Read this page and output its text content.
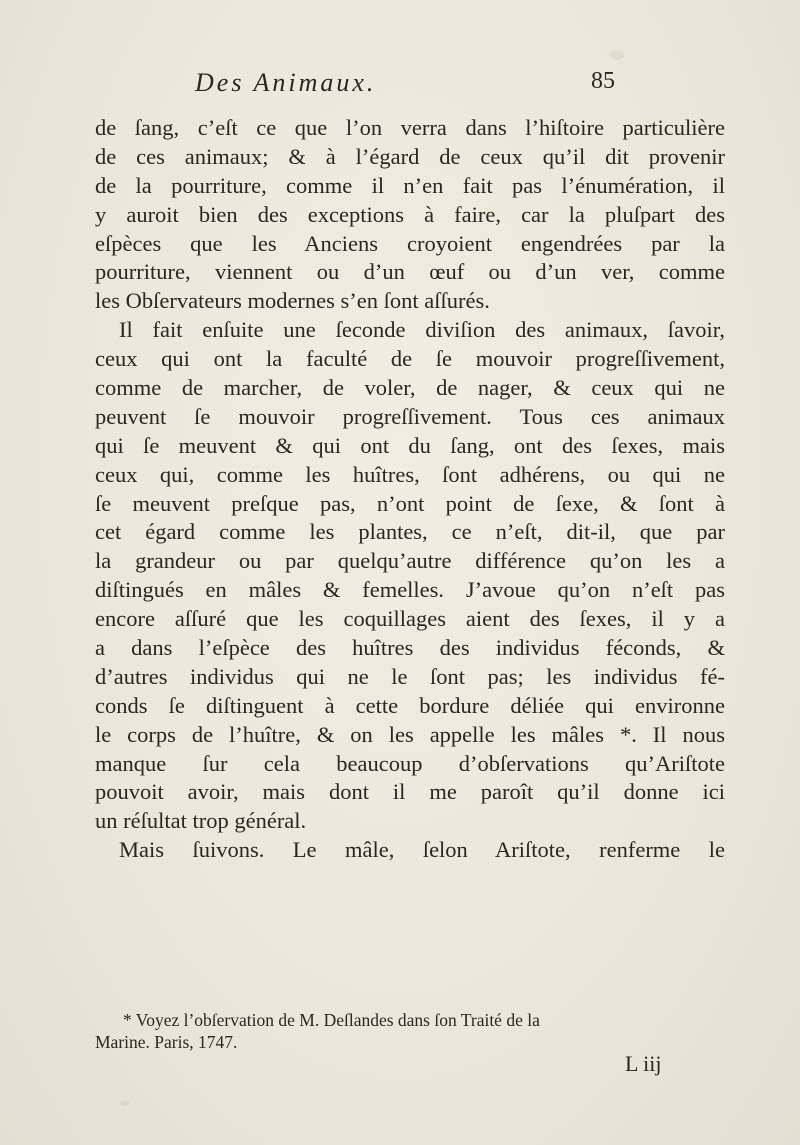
Des Animaux.	85
de ſang, c’eſt ce que l’on verra dans l’hiſtoire particulière
de ces animaux; & à l’égard de ceux qu’il dit provenir
de la pourriture, comme il n’en fait pas l’énumération, il
y auroit bien des exceptions à faire, car la pluſpart des
eſpèces que les Anciens croyoient engendrées par la
pourriture, viennent ou d’un œuf ou d’un ver, comme
les Obſervateurs modernes s’en ſont aſſurés.
Il fait enſuite une ſeconde diviſion des animaux, ſavoir,
ceux qui ont la faculté de ſe mouvoir progreſſivement,
comme de marcher, de voler, de nager, & ceux qui ne
peuvent ſe mouvoir progreſſivement. Tous ces animaux
qui ſe meuvent & qui ont du ſang, ont des ſexes, mais
ceux qui, comme les huîtres, ſont adhérens, ou qui ne
ſe meuvent preſque pas, n’ont point de ſexe, & ſont à
cet égard comme les plantes, ce n’eſt, dit-il, que par
la grandeur ou par quelqu’autre différence qu’on les a
diſtingués en mâles & femelles. J’avoue qu’on n’eſt pas
encore aſſuré que les coquillages aient des ſexes, il y a
a dans l’eſpèce des huîtres des individus féconds, &
d’autres individus qui ne le ſont pas; les individus fé-
conds ſe diſtinguent à cette bordure déliée qui environne
le corps de l’huître, & on les appelle les mâles *. Il nous
manque ſur cela beaucoup d’obſervations qu’Ariſtote
pouvoit avoir, mais dont il me paroît qu’il donne ici
un réſultat trop général.
Mais ſuivons. Le mâle, ſelon Ariſtote, renferme le
* Voyez l’obſervation de M. Deſlandes dans ſon Traité de la
Marine. Paris, 1747.
L iij
